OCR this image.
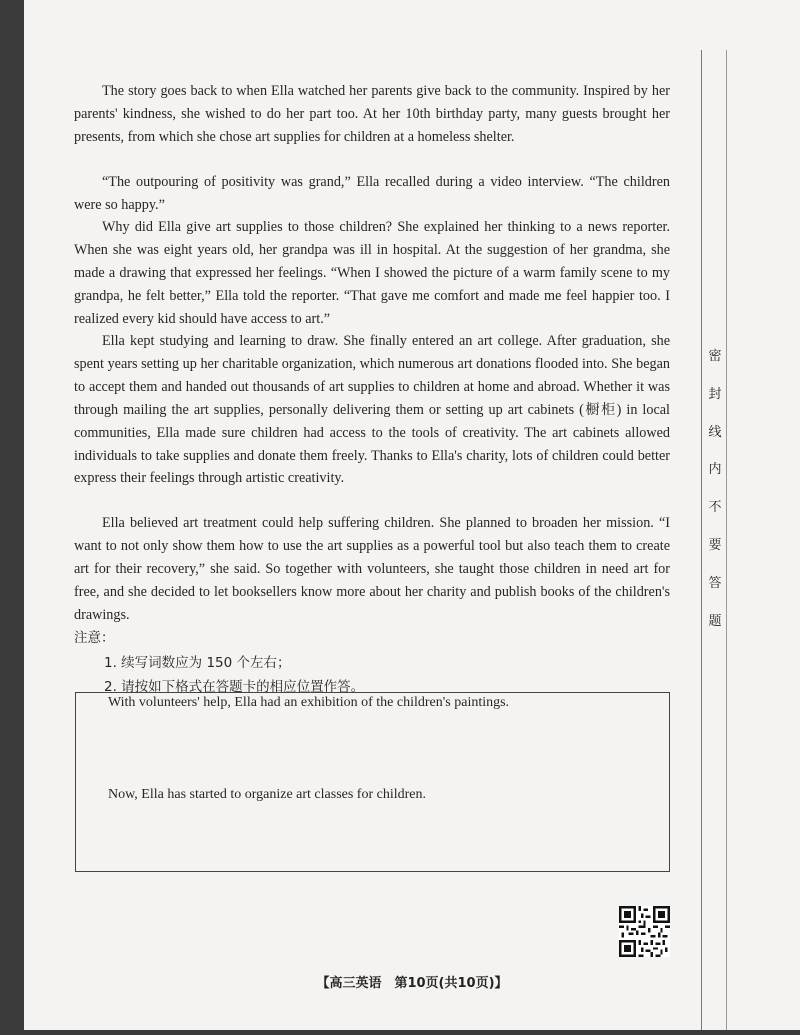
The story goes back to when Ella watched her parents give back to the community. Inspired by her parents' kindness, she wished to do her part too. At her 10th birthday party, many guests brought her presents, from which she chose art supplies for children at a homeless shelter.

“The outpouring of positivity was grand,” Ella recalled during a video interview. “The children were so happy.”

Why did Ella give art supplies to those children? She explained her thinking to a news reporter. When she was eight years old, her grandpa was ill in hospital. At the suggestion of her grandma, she made a drawing that expressed her feelings. “When I showed the picture of a warm family scene to my grandpa, he felt better,” Ella told the reporter. “That gave me comfort and made me feel happier too. I realized every kid should have access to art.”

Ella kept studying and learning to draw. She finally entered an art college. After graduation, she spent years setting up her charitable organization, which numerous art donations flooded into. She began to accept them and handed out thousands of art supplies to children at home and abroad. Whether it was through mailing the art supplies, personally delivering them or setting up art cabinets (橱柜) in local communities, Ella made sure children had access to the tools of creativity. The art cabinets allowed individuals to take supplies and donate them freely. Thanks to Ella's charity, lots of children could better express their feelings through artistic creativity.

Ella believed art treatment could help suffering children. She planned to broaden her mission. “I want to not only show them how to use the art supplies as a powerful tool but also teach them to create art for their recovery,” she said. So together with volunteers, she taught those children in need art for free, and she decided to let booksellers know more about her charity and publish books of the children's drawings.

注意：

1. 续写词数应为 150 个左右；

2. 请按如下格式在答题卡的相应位置作答。

With volunteers' help, Ella had an exhibition of the children's paintings.

Now, Ella has started to organize art classes for children.

密
封
线
内
不
要
答
题

【高三英语　第10页(共10页)】
